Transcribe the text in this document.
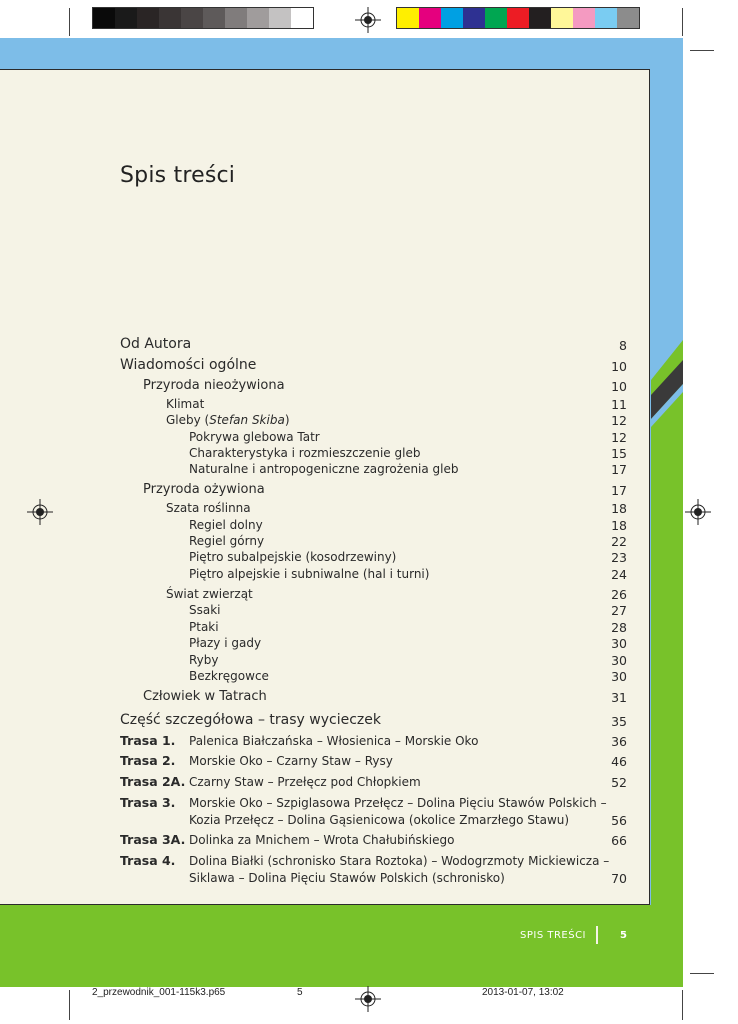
Spis treści
Od Autora	8
Wiadomości ogólne	10
Przyroda nieożywiona	10
Klimat	11
Gleby (Stefan Skiba)	12
Pokrywa glebowa Tatr	12
Charakterystyka i rozmieszczenie gleb	15
Naturalne i antropogeniczne zagrożenia gleb	17
Przyroda ożywiona	17
Szata roślinna	18
Regiel dolny	18
Regiel górny	22
Piętro subalpejskie (kosodrzewiny)	23
Piętro alpejskie i subniwalne (hal i turni)	24
Świat zwierząt	26
Ssaki	27
Ptaki	28
Płazy i gady	30
Ryby	30
Bezkręgowce	30
Człowiek w Tatrach	31
Część szczegółowa – trasy wycieczek	35
Trasa 1. Palenica Białczańska – Włosienica – Morskie Oko	36
Trasa 2. Morskie Oko – Czarny Staw – Rysy	46
Trasa 2A. Czarny Staw – Przełęcz pod Chłopkiem	52
Trasa 3. Morskie Oko – Szpiglasowa Przełęcz – Dolina Pięciu Stawów Polskich –
Kozia Przełęcz – Dolina Gąsienicowa (okolice Zmarzłego Stawu)	56
Trasa 3A. Dolinka za Mnichem – Wrota Chałubińskiego	66
Trasa 4. Dolina Białki (schronisko Stara Roztoka) – Wodogrzmoty Mickiewicza –
Siklawa – Dolina Pięciu Stawów Polskich (schronisko)	70
SPIS TREŚCI	5
2_przewodnik_001-115k3.p65	5	2013-01-07, 13:02
